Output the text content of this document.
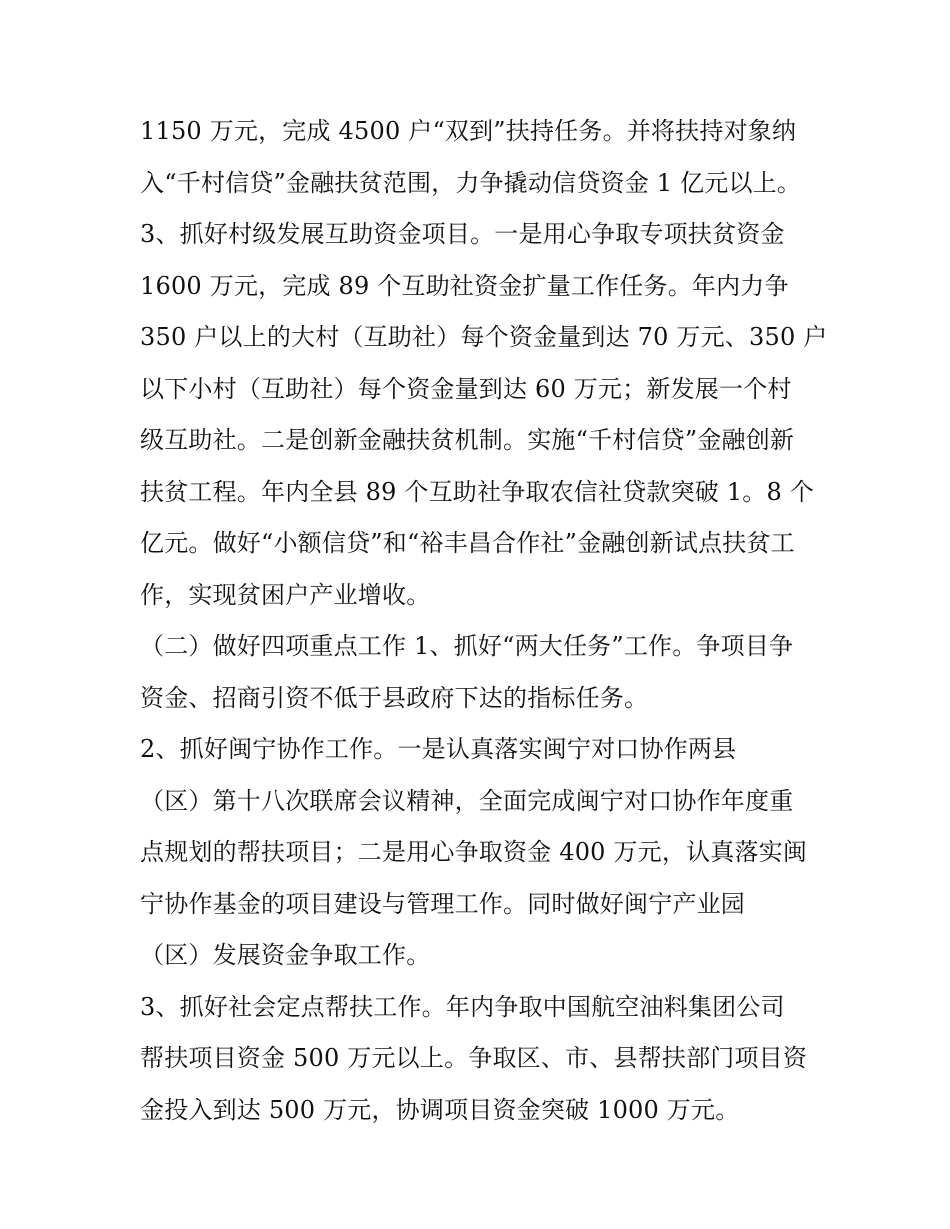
1150 万元，完成 4500 户“双到”扶持任务。并将扶持对象纳
入“千村信贷”金融扶贫范围，力争撬动信贷资金 1 亿元以上。
3、抓好村级发展互助资金项目。一是用心争取专项扶贫资金
1600 万元，完成 89 个互助社资金扩量工作任务。年内力争
350 户以上的大村（互助社）每个资金量到达 70 万元、350 户
以下小村（互助社）每个资金量到达 60 万元；新发展一个村
级互助社。二是创新金融扶贫机制。实施“千村信贷”金融创新
扶贫工程。年内全县 89 个互助社争取农信社贷款突破 1。8 个
亿元。做好“小额信贷”和“裕丰昌合作社”金融创新试点扶贫工
作，实现贫困户产业增收。
（二）做好四项重点工作 1、抓好“两大任务”工作。争项目争
资金、招商引资不低于县政府下达的指标任务。
2、抓好闽宁协作工作。一是认真落实闽宁对口协作两县
（区）第十八次联席会议精神，全面完成闽宁对口协作年度重
点规划的帮扶项目；二是用心争取资金 400 万元，认真落实闽
宁协作基金的项目建设与管理工作。同时做好闽宁产业园
（区）发展资金争取工作。
3、抓好社会定点帮扶工作。年内争取中国航空油料集团公司
帮扶项目资金 500 万元以上。争取区、市、县帮扶部门项目资
金投入到达 500 万元，协调项目资金突破 1000 万元。
